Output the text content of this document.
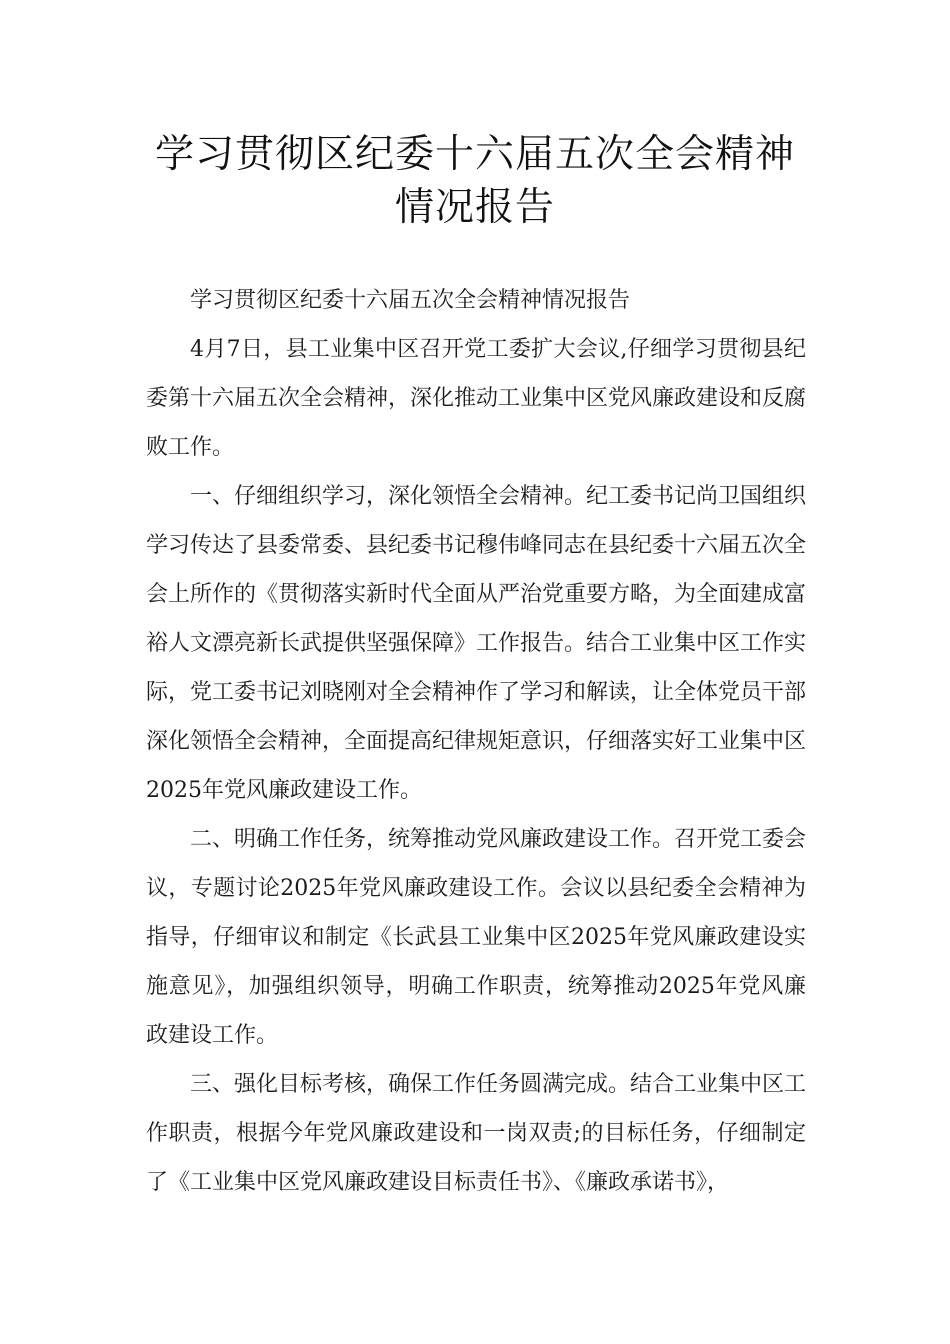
学习贯彻区纪委十六届五次全会精神情况报告

学习贯彻区纪委十六届五次全会精神情况报告

4月7日，县工业集中区召开党工委扩大会议,仔细学习贯彻县纪委第十六届五次全会精神，深化推动工业集中区党风廉政建设和反腐败工作。

一、仔细组织学习，深化领悟全会精神。纪工委书记尚卫国组织学习传达了县委常委、县纪委书记穆伟峰同志在县纪委十六届五次全会上所作的《贯彻落实新时代全面从严治党重要方略，为全面建成富裕人文漂亮新长武提供坚强保障》工作报告。结合工业集中区工作实际，党工委书记刘晓刚对全会精神作了学习和解读，让全体党员干部深化领悟全会精神，全面提高纪律规矩意识，仔细落实好工业集中区2025年党风廉政建设工作。

二、明确工作任务，统筹推动党风廉政建设工作。召开党工委会议，专题讨论2025年党风廉政建设工作。会议以县纪委全会精神为指导，仔细审议和制定《长武县工业集中区2025年党风廉政建设实施意见》，加强组织领导，明确工作职责，统筹推动2025年党风廉政建设工作。

三、强化目标考核，确保工作任务圆满完成。结合工业集中区工作职责，根据今年党风廉政建设和一岗双责;的目标任务，仔细制定了《工业集中区党风廉政建设目标责任书》、《廉政承诺书》，
